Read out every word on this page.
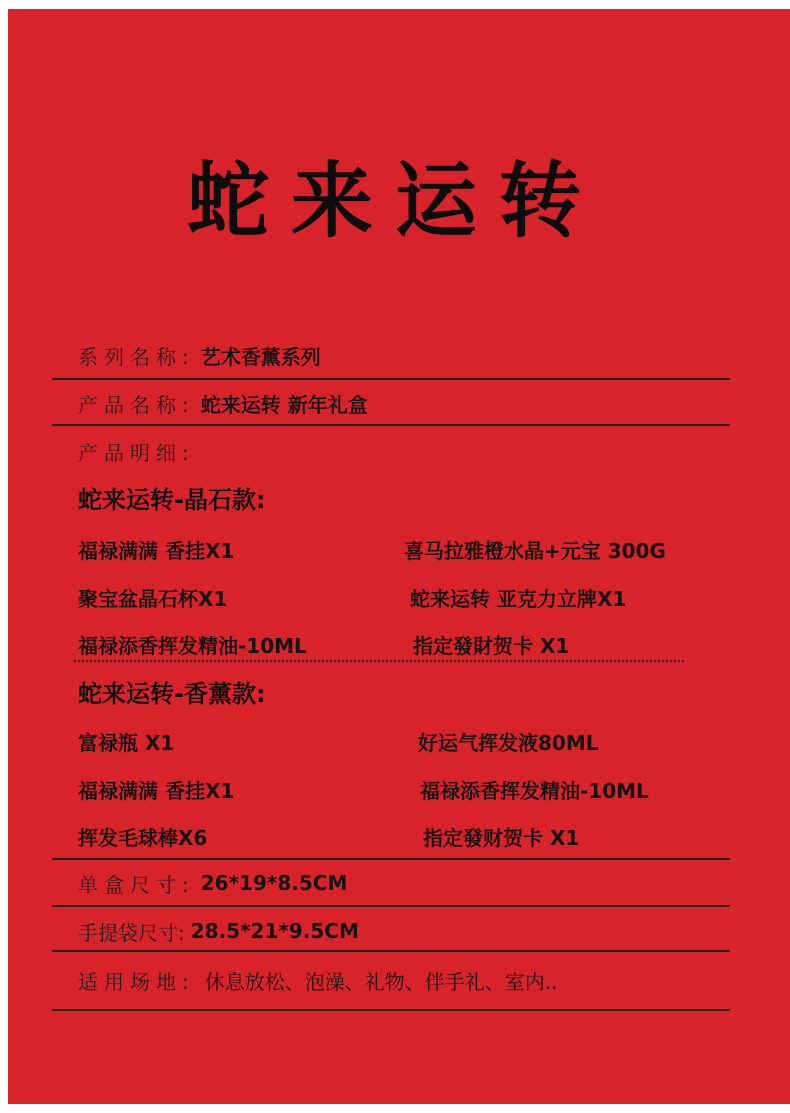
蛇来运转
系列名称: 艺术香薰系列
产品名称: 蛇来运转 新年礼盒
产品明细:
蛇来运转-晶石款:
福禄满满 香挂X1	喜马拉雅橙水晶+元宝 300G
聚宝盆晶石杯X1	蛇来运转 亚克力立牌X1
福禄添香挥发精油-10ML	指定發財贺卡 X1
蛇来运转-香薰款:
富禄瓶 X1	好运气挥发液80ML
福禄满满 香挂X1	福禄添香挥发精油-10ML
挥发毛球棒X6	指定發财贺卡 X1
单盒尺寸: 26*19*8.5CM
手提袋尺寸: 28.5*21*9.5CM
适用场地: 休息放松、泡澡、礼物、伴手礼、室内..
